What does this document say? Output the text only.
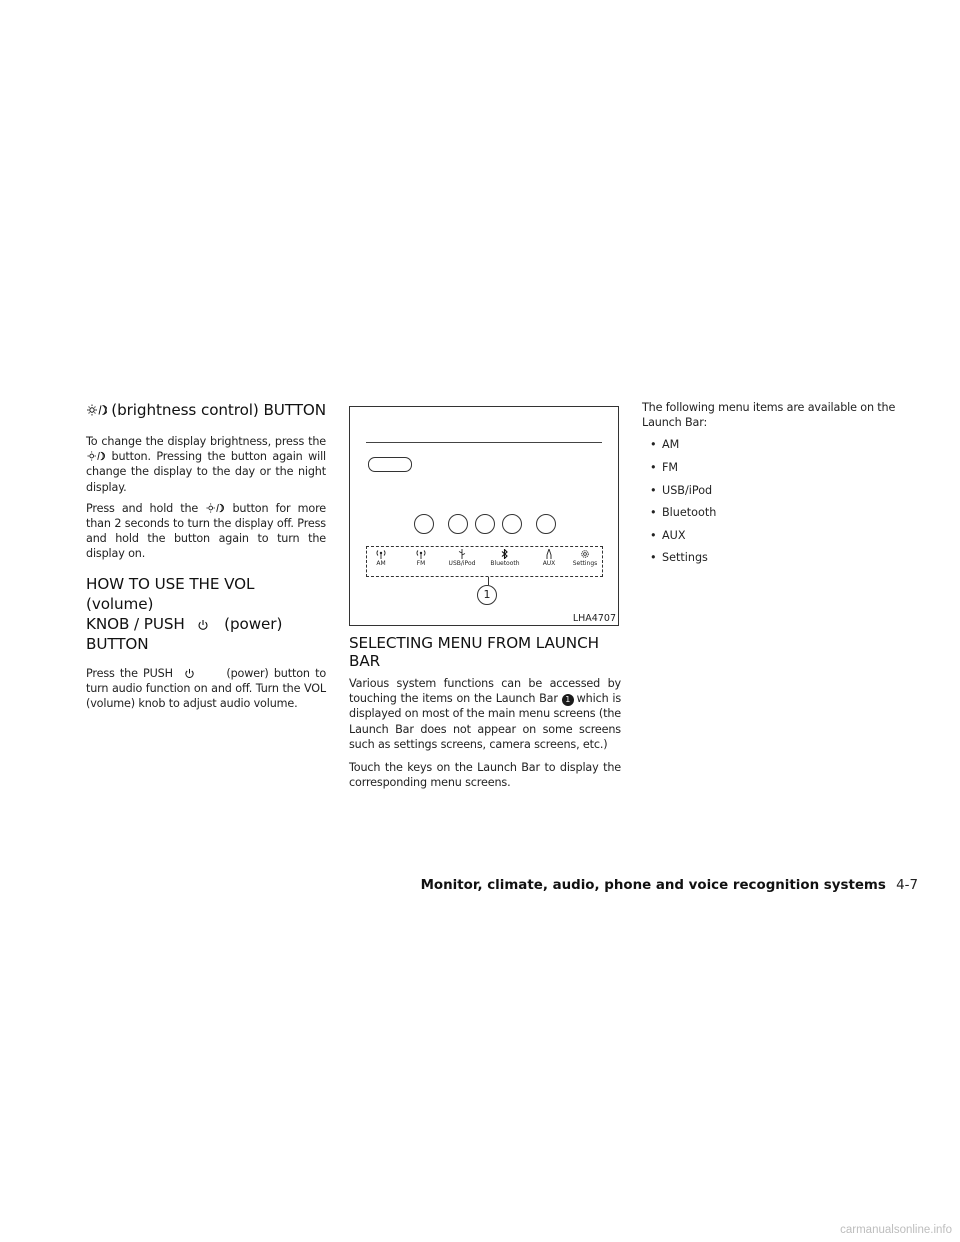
(brightness control) BUTTON

To change the display brightness, press the
button. Pressing the button again will change the display to the day or the night display.

Press and hold the	button for more than 2 seconds to turn the display off. Press and hold the button again to turn the display on.

HOW TO USE THE VOL (volume)
KNOB / PUSH	(power) BUTTON

Press the PUSH	(power) button to turn audio function on and off. Turn the VOL (volume) knob to adjust audio volume.

AM	FM	USB/iPod	Bluetooth	AUX	Settings
1
LHA4707
SELECTING MENU FROM LAUNCH BAR

Various system functions can be accessed by touching the items on the Launch Bar 1 which is displayed on most of the main menu screens (the Launch Bar does not appear on some screens such as settings screens, camera screens, etc.)

Touch the keys on the Launch Bar to display the corresponding menu screens.

The following menu items are available on the Launch Bar:

• AM
• FM
• USB/iPod
• Bluetooth
• AUX
• Settings
Monitor, climate, audio, phone and voice recognition systems 4-7
carmanualsonline.info
